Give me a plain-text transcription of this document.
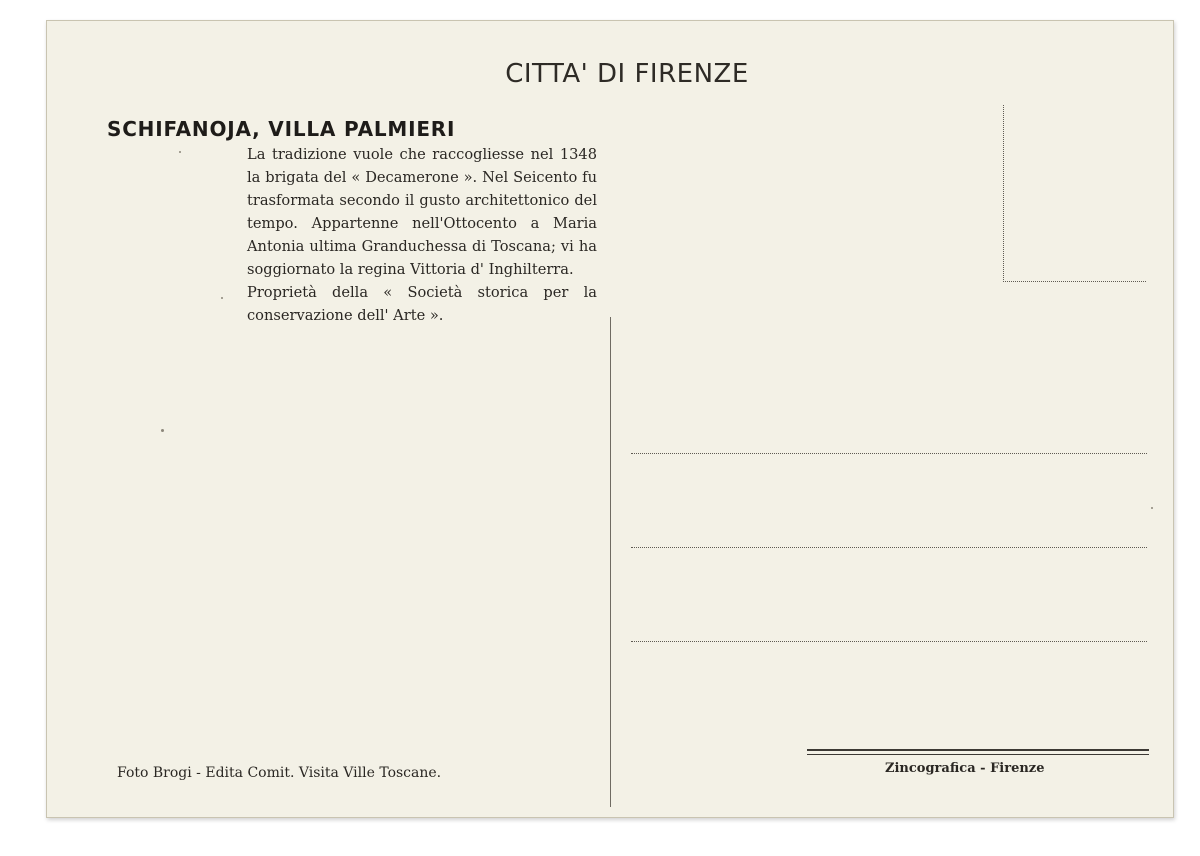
CITTA' DI FIRENZE
SCHIFANOJA, VILLA PALMIERI

La tradizione vuole che raccogliesse nel 1348 la brigata del « Decamerone ». Nel Seicento fu trasformata secondo il gusto architettonico del tempo. Appartenne nell'Ottocento a Maria Antonia ultima Granduchessa di Toscana; vi ha soggiornato la regina Vittoria d' Inghilterra.

Proprietà della « Società storica per la conservazione dell' Arte ».

Foto Brogi - Edita Comit. Visita Ville Toscane.	Zincografica - Firenze
